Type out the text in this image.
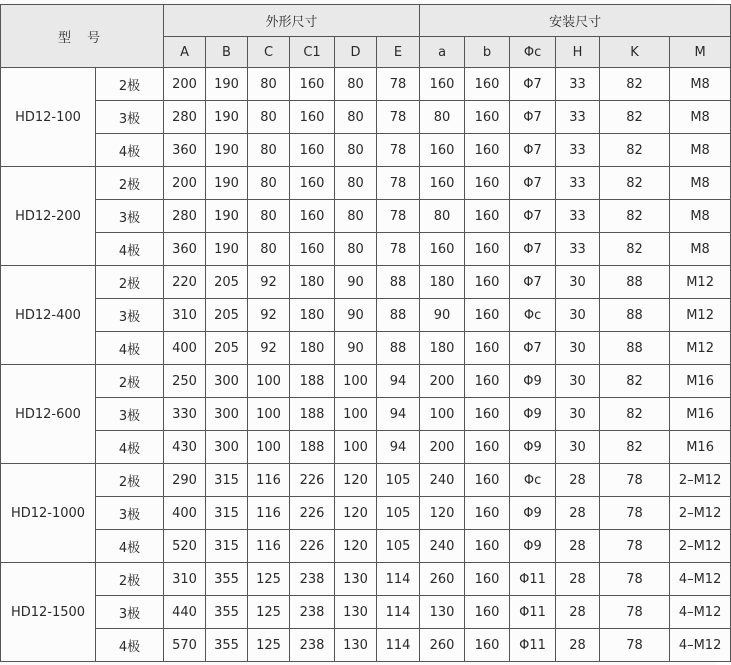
型 号		外形尺寸						安装尺寸					
		A	B	C	C1	D	E	a	b	Φc	H	K	M
HD12-100	2极	200	190	80	160	80	78	160	160	Φ7	33	82	M8
	3极	280	190	80	160	80	78	80	160	Φ7	33	82	M8
	4极	360	190	80	160	80	78	160	160	Φ7	33	82	M8
HD12-200	2极	200	190	80	160	80	78	160	160	Φ7	33	82	M8
	3极	280	190	80	160	80	78	80	160	Φ7	33	82	M8
	4极	360	190	80	160	80	78	160	160	Φ7	33	82	M8
HD12-400	2极	220	205	92	180	90	88	180	160	Φ7	30	88	M12
	3极	310	205	92	180	90	88	90	160	Φc	30	88	M12
	4极	400	205	92	180	90	88	180	160	Φ7	30	88	M12
HD12-600	2极	250	300	100	188	100	94	200	160	Φ9	30	82	M16
	3极	330	300	100	188	100	94	100	160	Φ9	30	82	M16
	4极	430	300	100	188	100	94	200	160	Φ9	30	82	M16
HD12-1000	2极	290	315	116	226	120	105	240	160	Φc	28	78	2–M12
	3极	400	315	116	226	120	105	120	160	Φ9	28	78	2–M12
	4极	520	315	116	226	120	105	240	160	Φ9	28	78	2–M12
HD12-1500	2极	310	355	125	238	130	114	260	160	Φ11	28	78	4–M12
	3极	440	355	125	238	130	114	130	160	Φ11	28	78	4–M12
	4极	570	355	125	238	130	114	260	160	Φ11	28	78	4–M12
